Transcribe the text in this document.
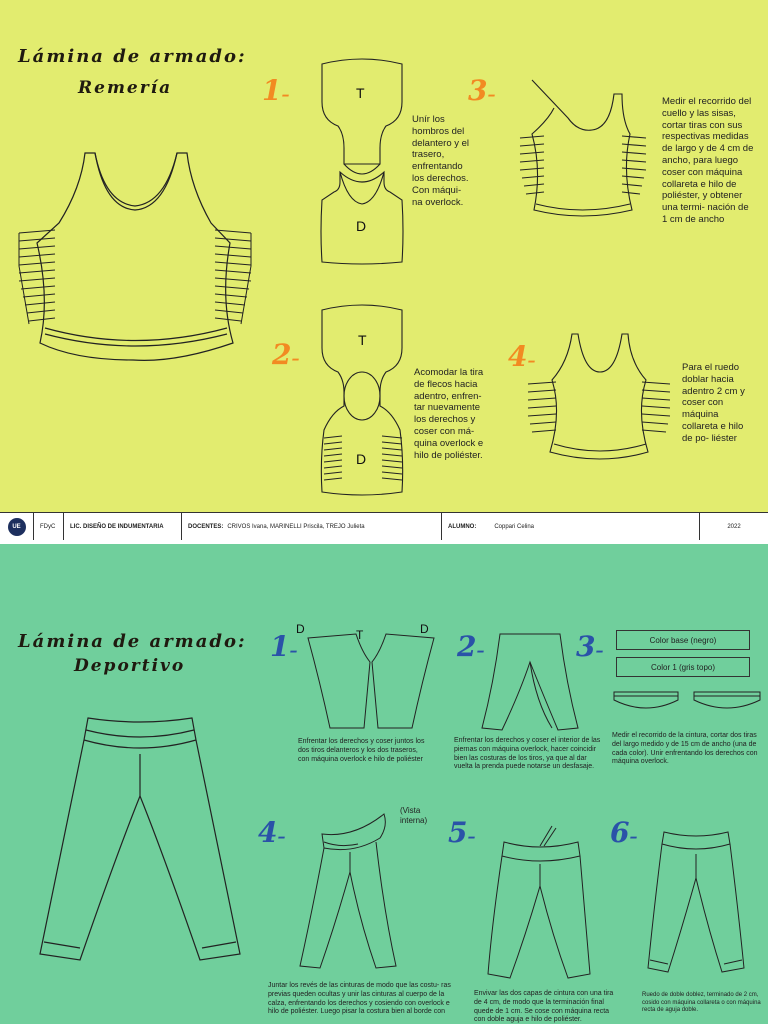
Lámina de armado:
Remería	1–	T
D
Unír los hombros del delantero y el trasero, enfrentando los derechos. Con máqui- na overlock.
2–
T
D
Acomodar la tira de flecos hacia adentro, enfren- tar nuevamente los derechos y coser con má- quina overlock e hilo de poliéster.
3–	Medir el recorrido del cuello y las sisas, cortar tiras con sus respectivas medidas de largo y de 4 cm de ancho, para luego coser con máquina collareta e hilo de poliéster, y obtener una termi- nación de 1 cm de ancho
4–	Para el ruedo doblar hacia adentro 2 cm y coser con máquina collareta e hilo de po- liéster
UE	FDyC	LIC. DISEÑO DE INDUMENTARIA	DOCENTES: CRIVOS Ivana, MARINELLI Priscila, TREJO Julieta	ALUMNO:	Coppari Celina	2022
Lámina de armado:
Deportivo
1–
D	T	D
Enfrentar los derechos y coser juntos los dos tiros delanteros y los dos traseros, con máquina overlock e hilo de poliéster
2–
Enfrentar los derechos y coser el interior de las piernas con máquina overlock, hacer coincidir bien las costuras de los tiros, ya que al dar vuelta la prenda puede notarse un desfasaje.
3–
Color base (negro)
Color 1 (gris topo)
Medir el recorrido de la cintura, cortar dos tiras del largo medido y de 15 cm de ancho (una de cada color). Unir enfrentando los derechos con máquina overlock.
4–
(Vista interna)
Juntar los revés de las cinturas de modo que las costu- ras previas queden ocultas y unir las cinturas al cuerpo de la calza, enfrentando los derechos y cosiendo con overlock e hilo de poliéster. Luego pisar la costura bien al borde con
5–
Envivar las dos capas de cintura con una tira de 4 cm, de modo que la terminación final quede de 1 cm. Se cose con máquina recta con doble aguja e hilo de poliéster.
6–
Ruedo de doble doblez, terminado de 2 cm, cosido con máquina collareta o con máquina recta de aguja doble.
